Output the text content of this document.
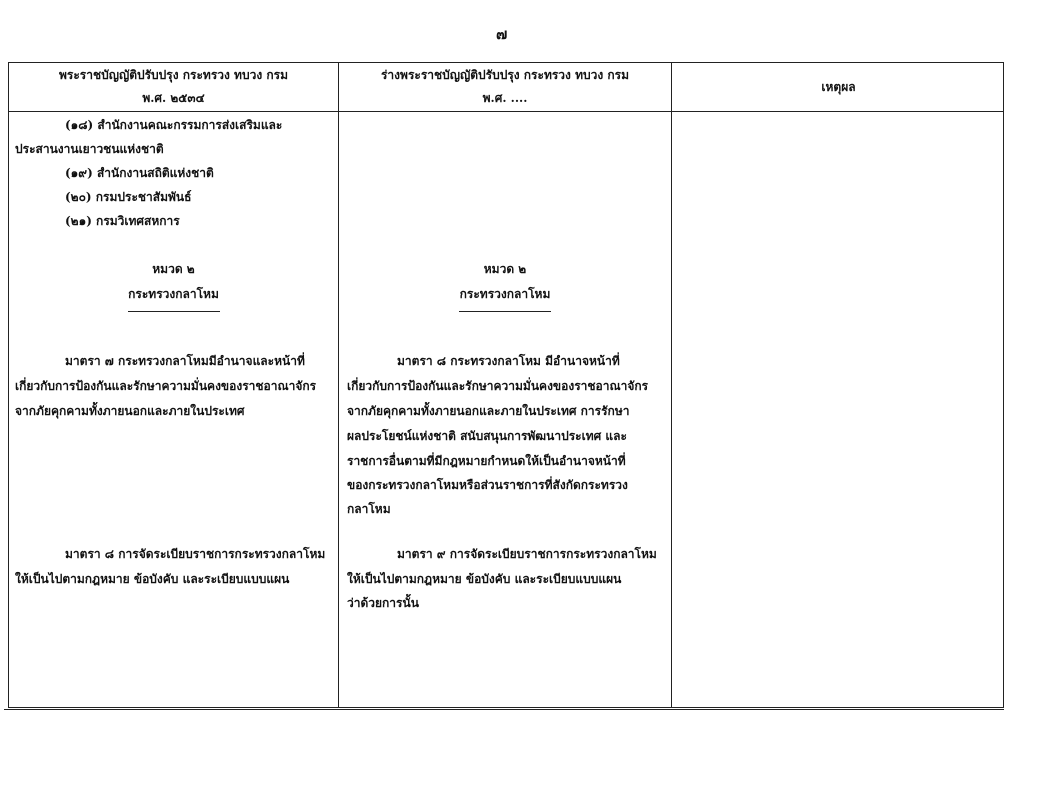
๗
พระราชบัญญัติปรับปรุง กระทรวง ทบวง กรม
พ.ศ. ๒๕๓๔
ร่างพระราชบัญญัติปรับปรุง กระทรวง ทบวง กรม
พ.ศ. ....
เหตุผล
(๑๘) สำนักงานคณะกรรมการส่งเสริมและ
ประสานงานเยาวชนแห่งชาติ
(๑๙) สำนักงานสถิติแห่งชาติ
(๒๐) กรมประชาสัมพันธ์
(๒๑) กรมวิเทศสหการ
หมวด ๒
กระทรวงกลาโหม
มาตรา ๗ กระทรวงกลาโหมมีอำนาจและหน้าที่
เกี่ยวกับการป้องกันและรักษาความมั่นคงของราชอาณาจักร
จากภัยคุกคามทั้งภายนอกและภายในประเทศ
มาตรา ๘ การจัดระเบียบราชการกระทรวงกลาโหม
ให้เป็นไปตามกฎหมาย ข้อบังคับ และระเบียบแบบแผน
หมวด ๒
กระทรวงกลาโหม
มาตรา ๘ กระทรวงกลาโหม มีอำนาจหน้าที่
เกี่ยวกับการป้องกันและรักษาความมั่นคงของราชอาณาจักร
จากภัยคุกคามทั้งภายนอกและภายในประเทศ การรักษา
ผลประโยชน์แห่งชาติ สนับสนุนการพัฒนาประเทศ และ
ราชการอื่นตามที่มีกฎหมายกำหนดให้เป็นอำนาจหน้าที่
ของกระทรวงกลาโหมหรือส่วนราชการที่สังกัดกระทรวง
กลาโหม
มาตรา ๙ การจัดระเบียบราชการกระทรวงกลาโหม
ให้เป็นไปตามกฎหมาย ข้อบังคับ และระเบียบแบบแผน
ว่าด้วยการนั้น
